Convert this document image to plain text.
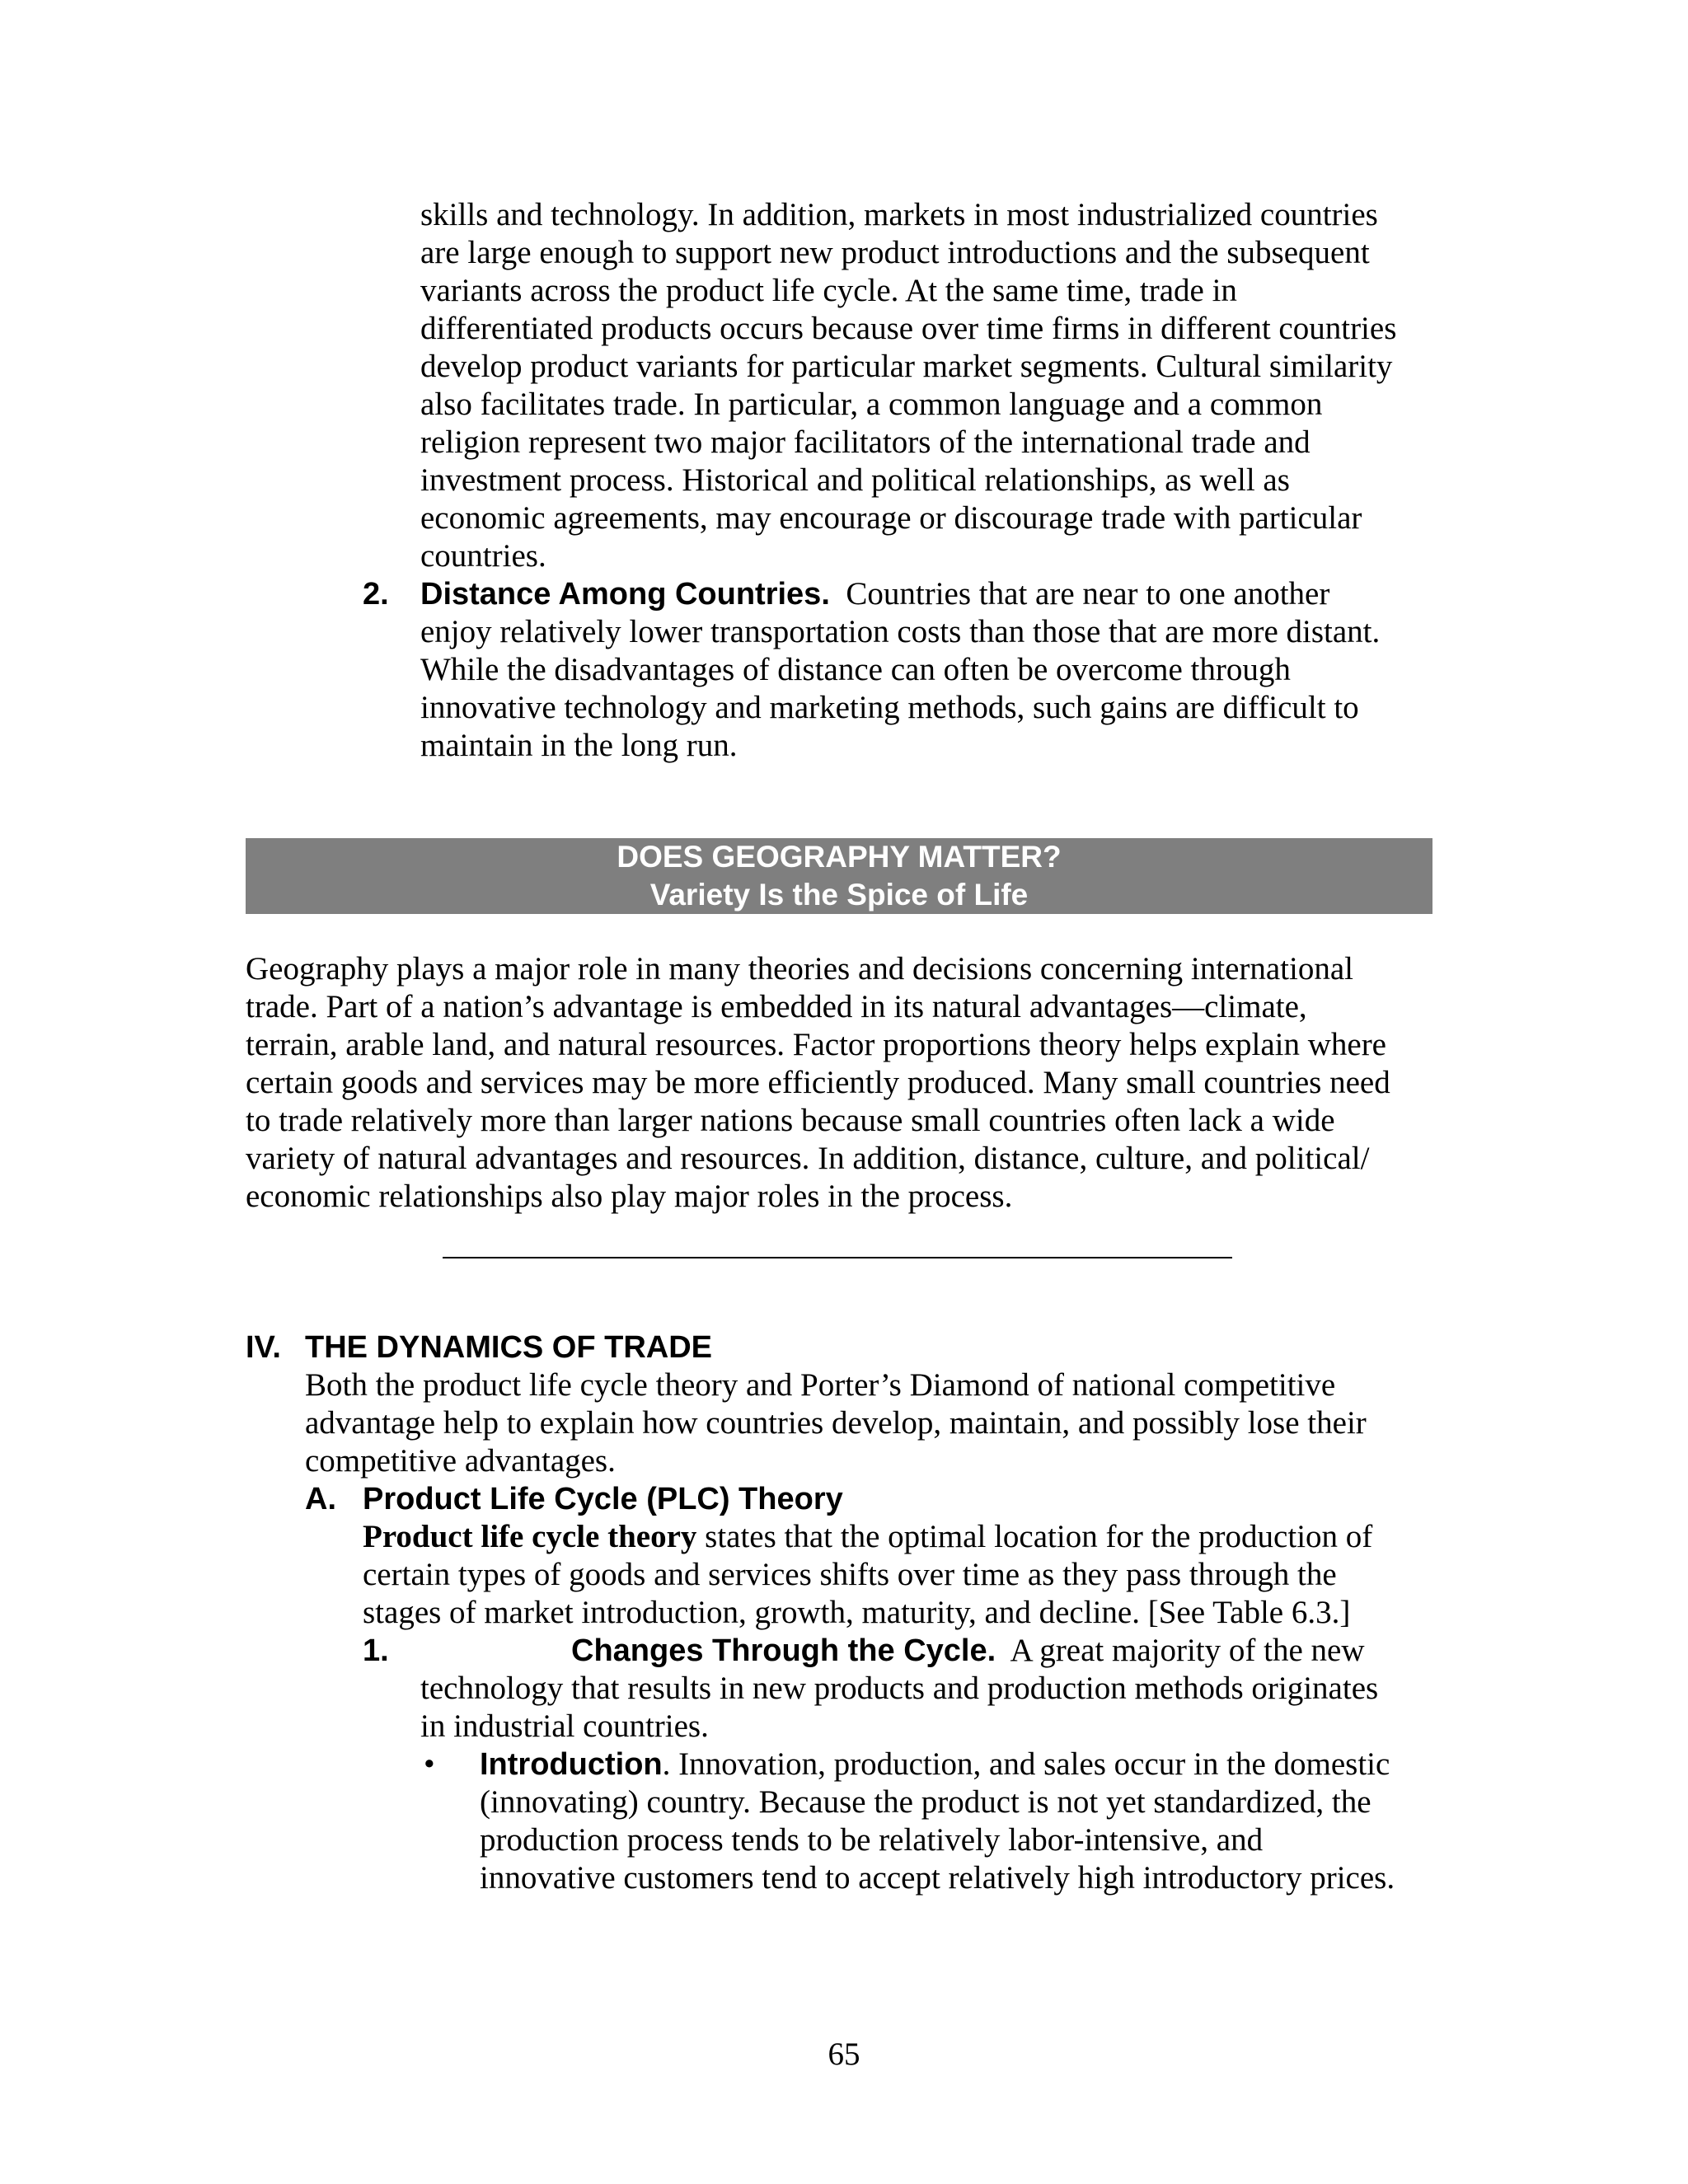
skills and technology. In addition, markets in most industrialized countries
are large enough to support new product introductions and the subsequent
variants across the product life cycle. At the same time, trade in
differentiated products occurs because over time firms in different countries
develop product variants for particular market segments. Cultural similarity
also facilitates trade. In particular, a common language and a common
religion represent two major facilitators of the international trade and
investment process. Historical and political relationships, as well as
economic agreements, may encourage or discourage trade with particular
countries.
2. Distance Among Countries. Countries that are near to one another
enjoy relatively lower transportation costs than those that are more distant.
While the disadvantages of distance can often be overcome through
innovative technology and marketing methods, such gains are difficult to
maintain in the long run.
DOES GEOGRAPHY MATTER?
Variety Is the Spice of Life
Geography plays a major role in many theories and decisions concerning international
trade. Part of a nation’s advantage is embedded in its natural advantages—climate,
terrain, arable land, and natural resources. Factor proportions theory helps explain where
certain goods and services may be more efficiently produced. Many small countries need
to trade relatively more than larger nations because small countries often lack a wide
variety of natural advantages and resources. In addition, distance, culture, and political/
economic relationships also play major roles in the process.
IV. THE DYNAMICS OF TRADE
Both the product life cycle theory and Porter’s Diamond of national competitive
advantage help to explain how countries develop, maintain, and possibly lose their
competitive advantages.
A. Product Life Cycle (PLC) Theory
Product life cycle theory states that the optimal location for the production of
certain types of goods and services shifts over time as they pass through the
stages of market introduction, growth, maturity, and decline. [See Table 6.3.]
1.	Changes Through the Cycle. A great majority of the new
technology that results in new products and production methods originates
in industrial countries.
• Introduction. Innovation, production, and sales occur in the domestic
(innovating) country. Because the product is not yet standardized, the
production process tends to be relatively labor-intensive, and
innovative customers tend to accept relatively high introductory prices.
65
